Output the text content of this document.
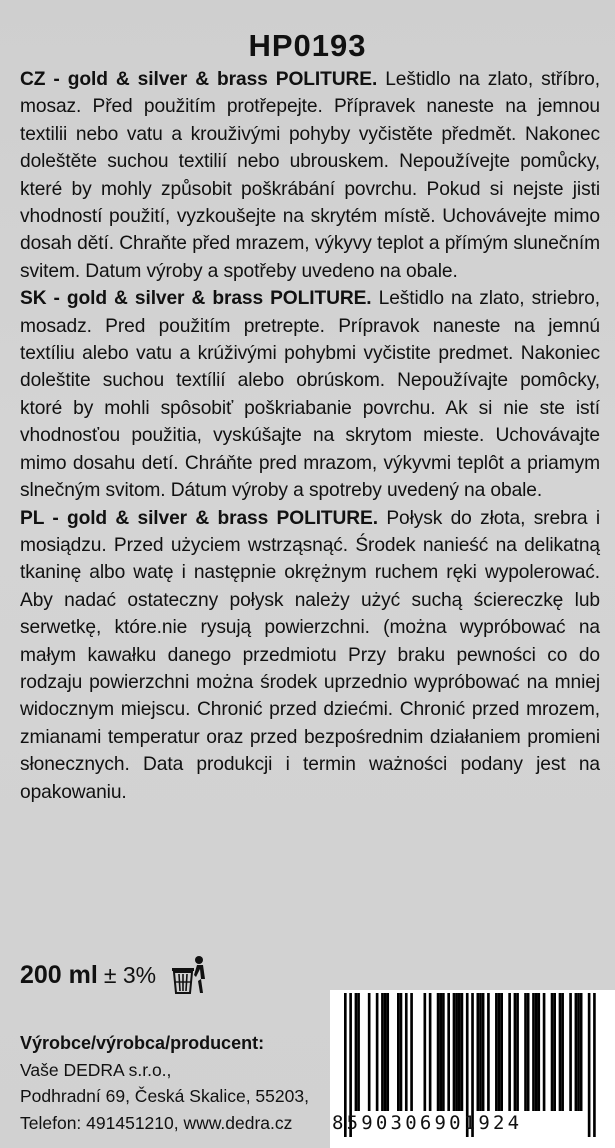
HP0193

CZ - gold & silver & brass POLITURE. Leštidlo na zlato, stříbro, mosaz. Před použitím protřepejte. Přípravek naneste na jemnou textilii nebo vatu a krouživými pohyby vyčistěte předmět. Nakonec doleštěte suchou textilií nebo ubrouskem. Nepoužívejte pomůcky, které by mohly způsobit poškrábání povrchu. Pokud si nejste jisti vhodností použití, vyzkoušejte na skrytém místě. Uchovávejte mimo dosah dětí. Chraňte před mrazem, výkyvy teplot a přímým slunečním svitem. Datum výroby a spotřeby uvedeno na obale.

SK - gold & silver & brass POLITURE. Leštidlo na zlato, striebro, mosadz. Pred použitím pretrepte. Prípravok naneste na jemnú textíliu alebo vatu a krúživými pohybmi vyčistite predmet. Nakoniec doleštite suchou textílií alebo obrúskom. Nepoužívajte pomôcky, ktoré by mohli spôsobiť poškriabanie povrchu. Ak si nie ste istí vhodnosťou použitia, vyskúšajte na skrytom mieste. Uchovávajte mimo dosahu detí. Chráňte pred mrazom, výkyvmi teplôt a priamym slnečným svitom. Dátum výroby a spotreby uvedený na obale.

PL - gold & silver & brass POLITURE. Połysk do złota, srebra i mosiądzu. Przed użyciem wstrząsnąć. Środek nanieść na delikatną tkaninę albo watę i następnie okrężnym ruchem ręki wypolerować. Aby nadać ostateczny połysk należy użyć suchą ściereczkę lub serwetkę, które.nie rysują powierzchni. (można wypróbować na małym kawałku danego przedmiotu Przy braku pewności co do rodzaju powierzchni można środek uprzednio wypróbować na mniej widocznym miejscu. Chronić przed dziećmi. Chronić przed mrozem, zmianami temperatur oraz przed bezpośrednim działaniem promieni słonecznych. Data produkcji i termin ważności podany jest na opakowaniu.

200 ml ± 3%
Výrobce/výrobca/producent:
Vaše DEDRA s.r.o.,
Podhradní 69, Česká Skalice, 55203,
Telefon: 491451210, www.dedra.cz	8590306901924
